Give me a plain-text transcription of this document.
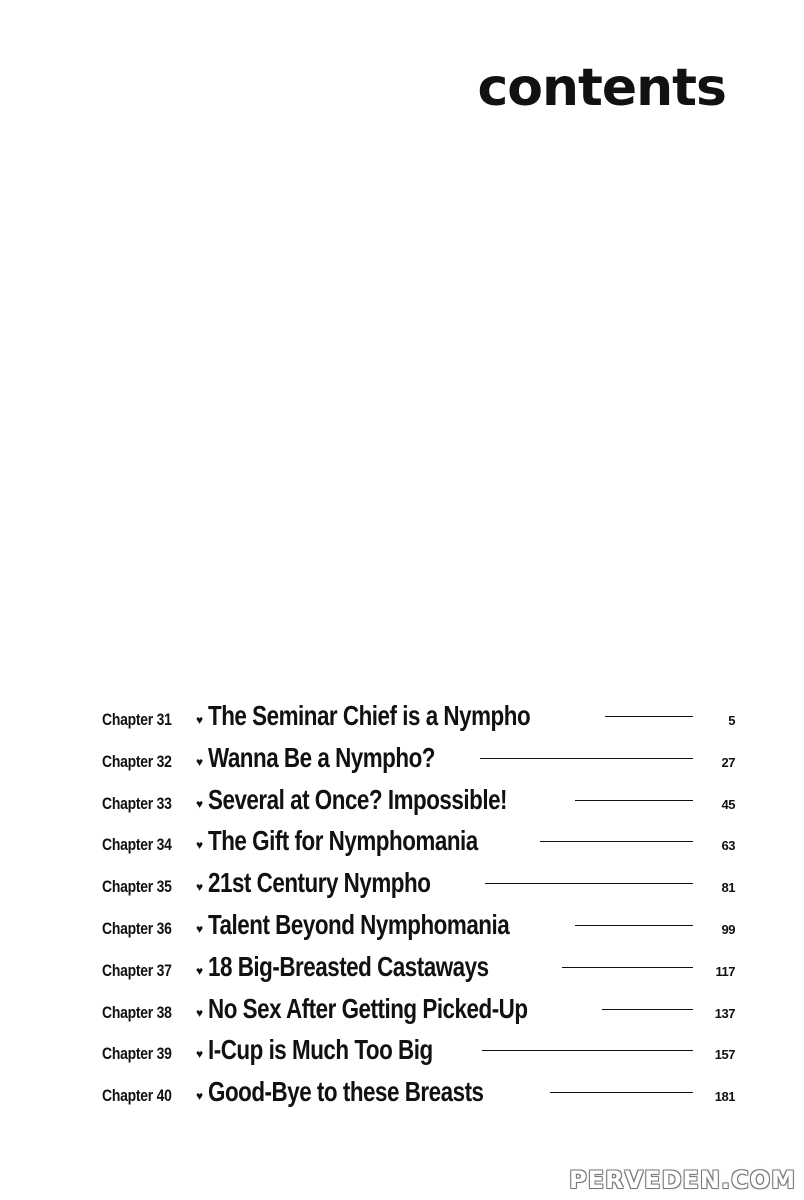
contents
Chapter 31	♥ The Seminar Chief is a Nympho	5
Chapter 32	♥ Wanna Be a Nympho?	27
Chapter 33	♥ Several at Once? Impossible!	45
Chapter 34	♥ The Gift for Nymphomania	63
Chapter 35	♥ 21st Century Nympho	81
Chapter 36	♥ Talent Beyond Nymphomania	99
Chapter 37	♥ 18 Big-Breasted Castaways	117
Chapter 38	♥ No Sex After Getting Picked-Up	137
Chapter 39	♥ I-Cup is Much Too Big	157
Chapter 40	♥ Good-Bye to these Breasts	181
PERVEDEN.COM
